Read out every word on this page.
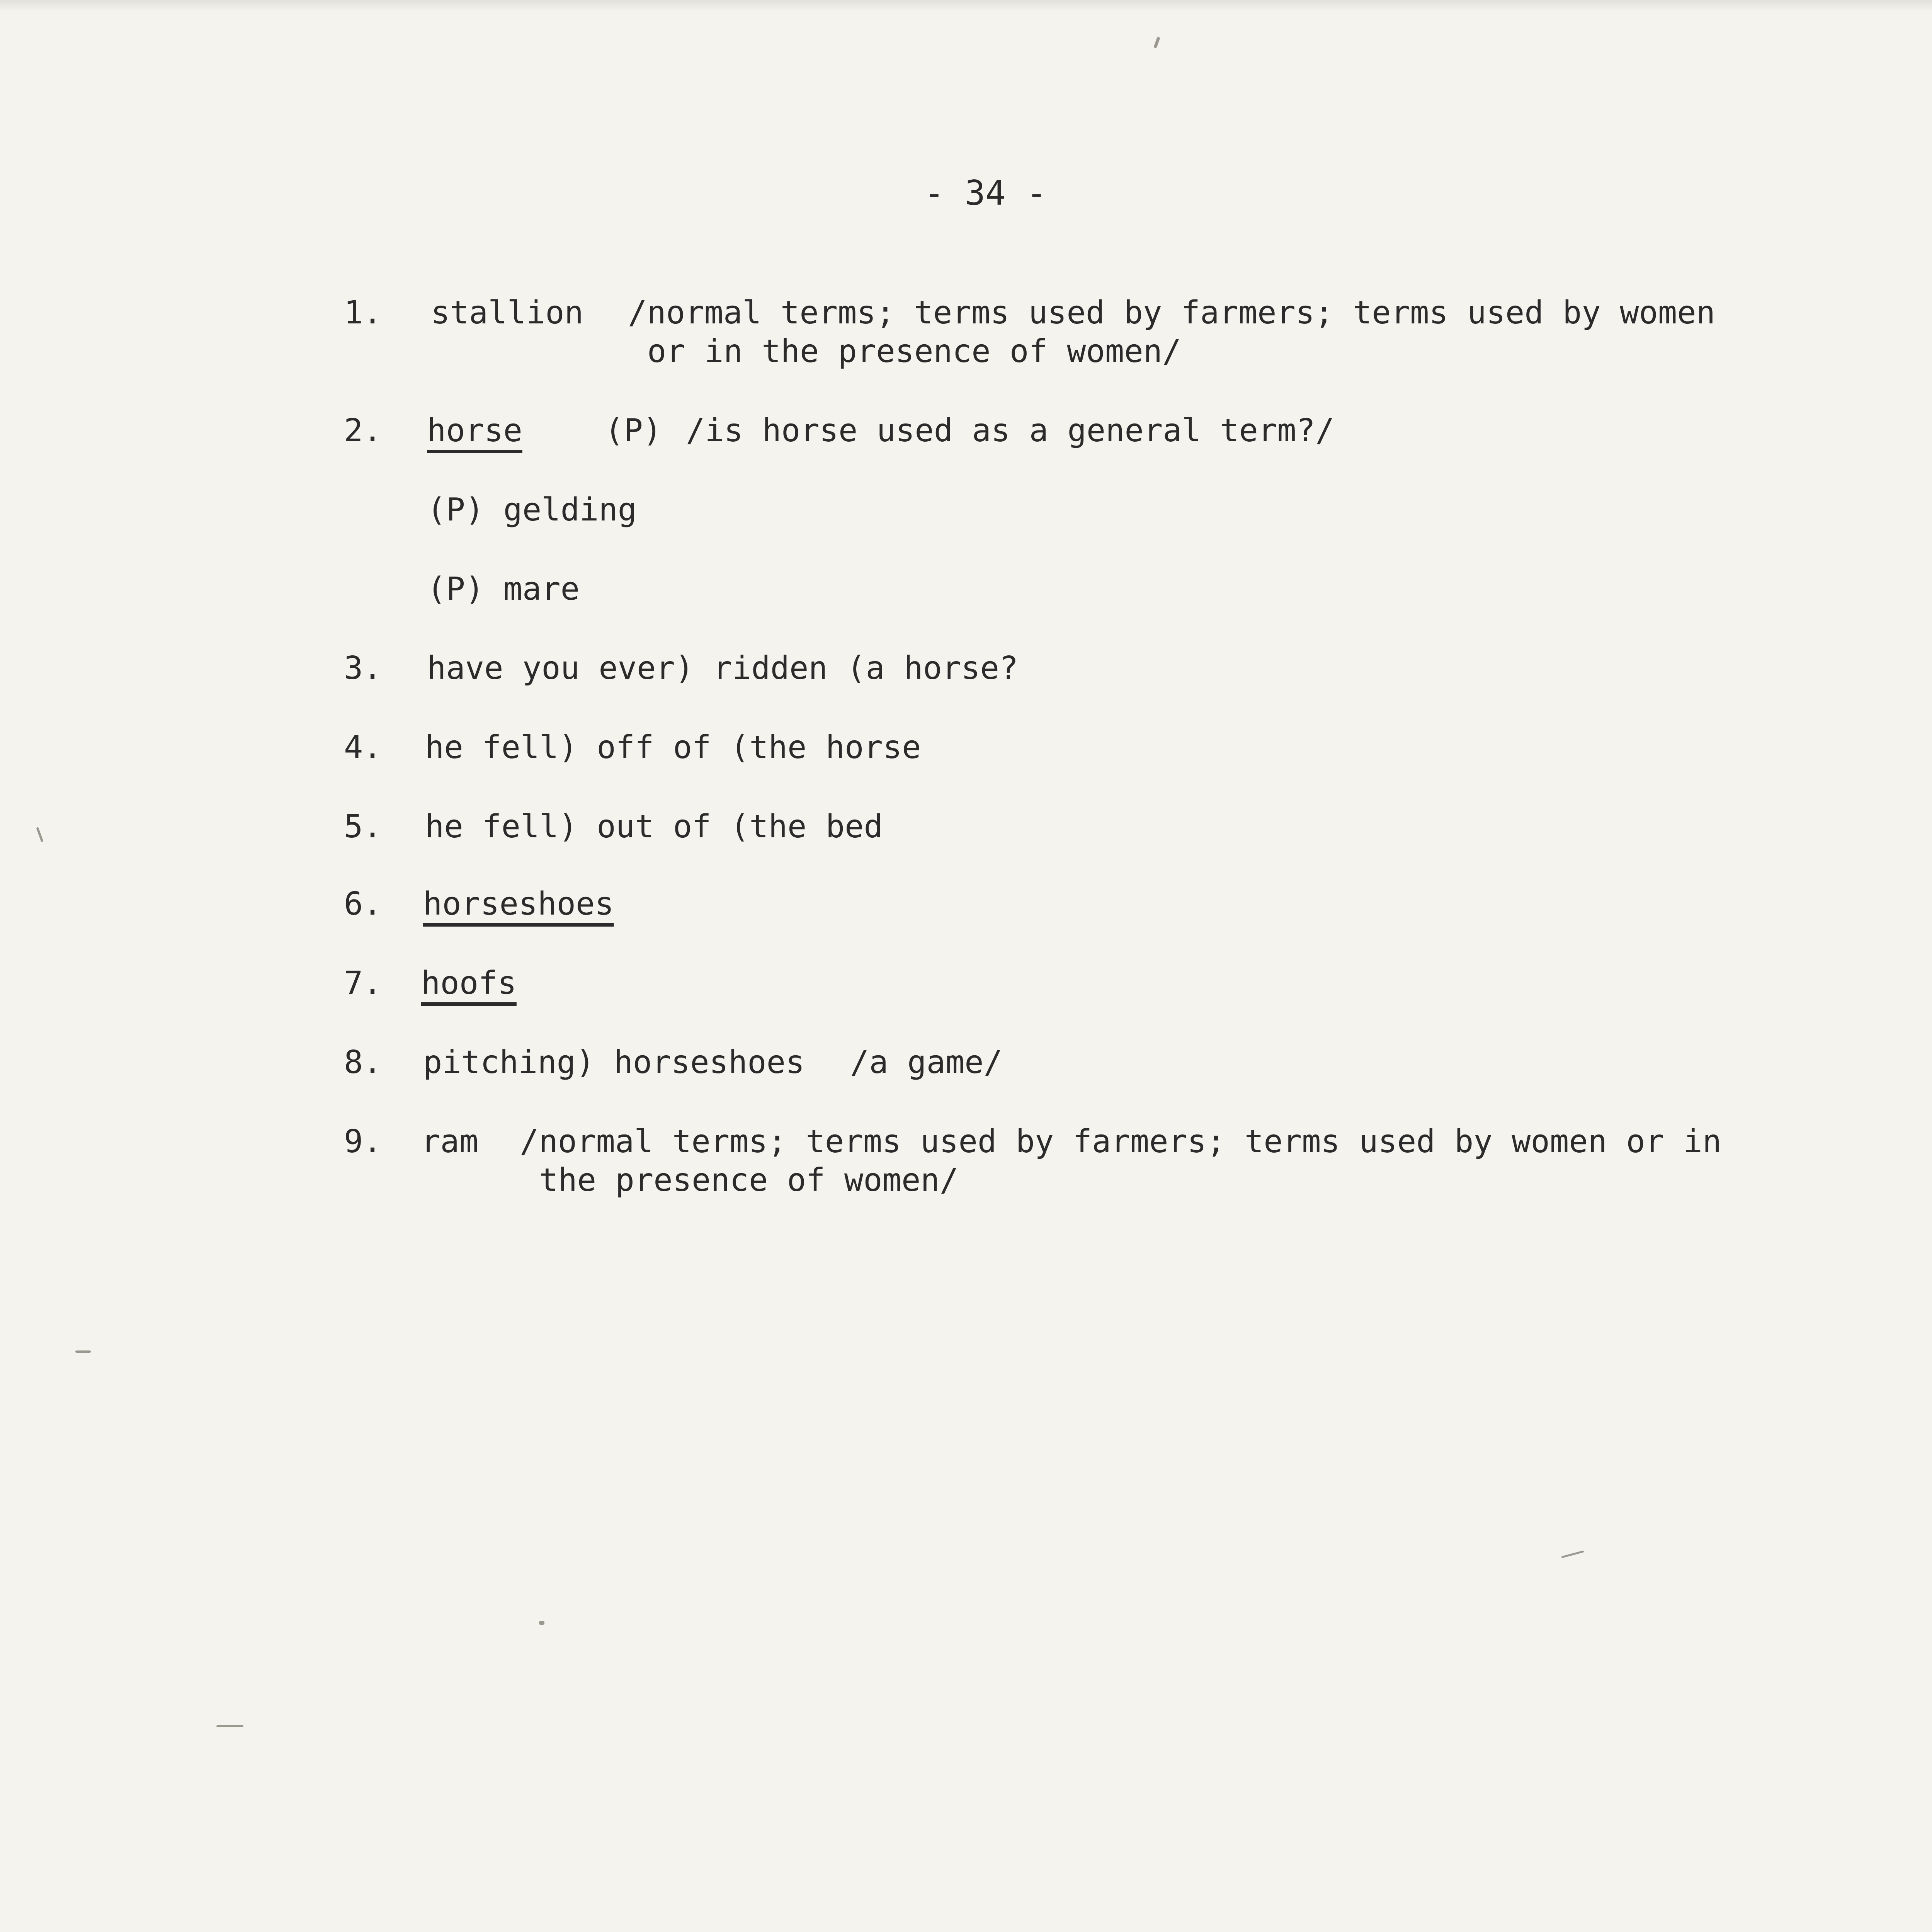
- 34 -
1. stallion /normal terms; terms used by farmers; terms used by women
or in the presence of women/
2. horse	(P) /is horse used as a general term?/
(P) gelding
(P) mare
3. have you ever) ridden (a horse?
4. he fell) off of (the horse
5. he fell) out of (the bed
6. horseshoes
7. hoofs
8. pitching) horseshoes /a game/
9. ram /normal terms; terms used by farmers; terms used by women or in
the presence of women/
